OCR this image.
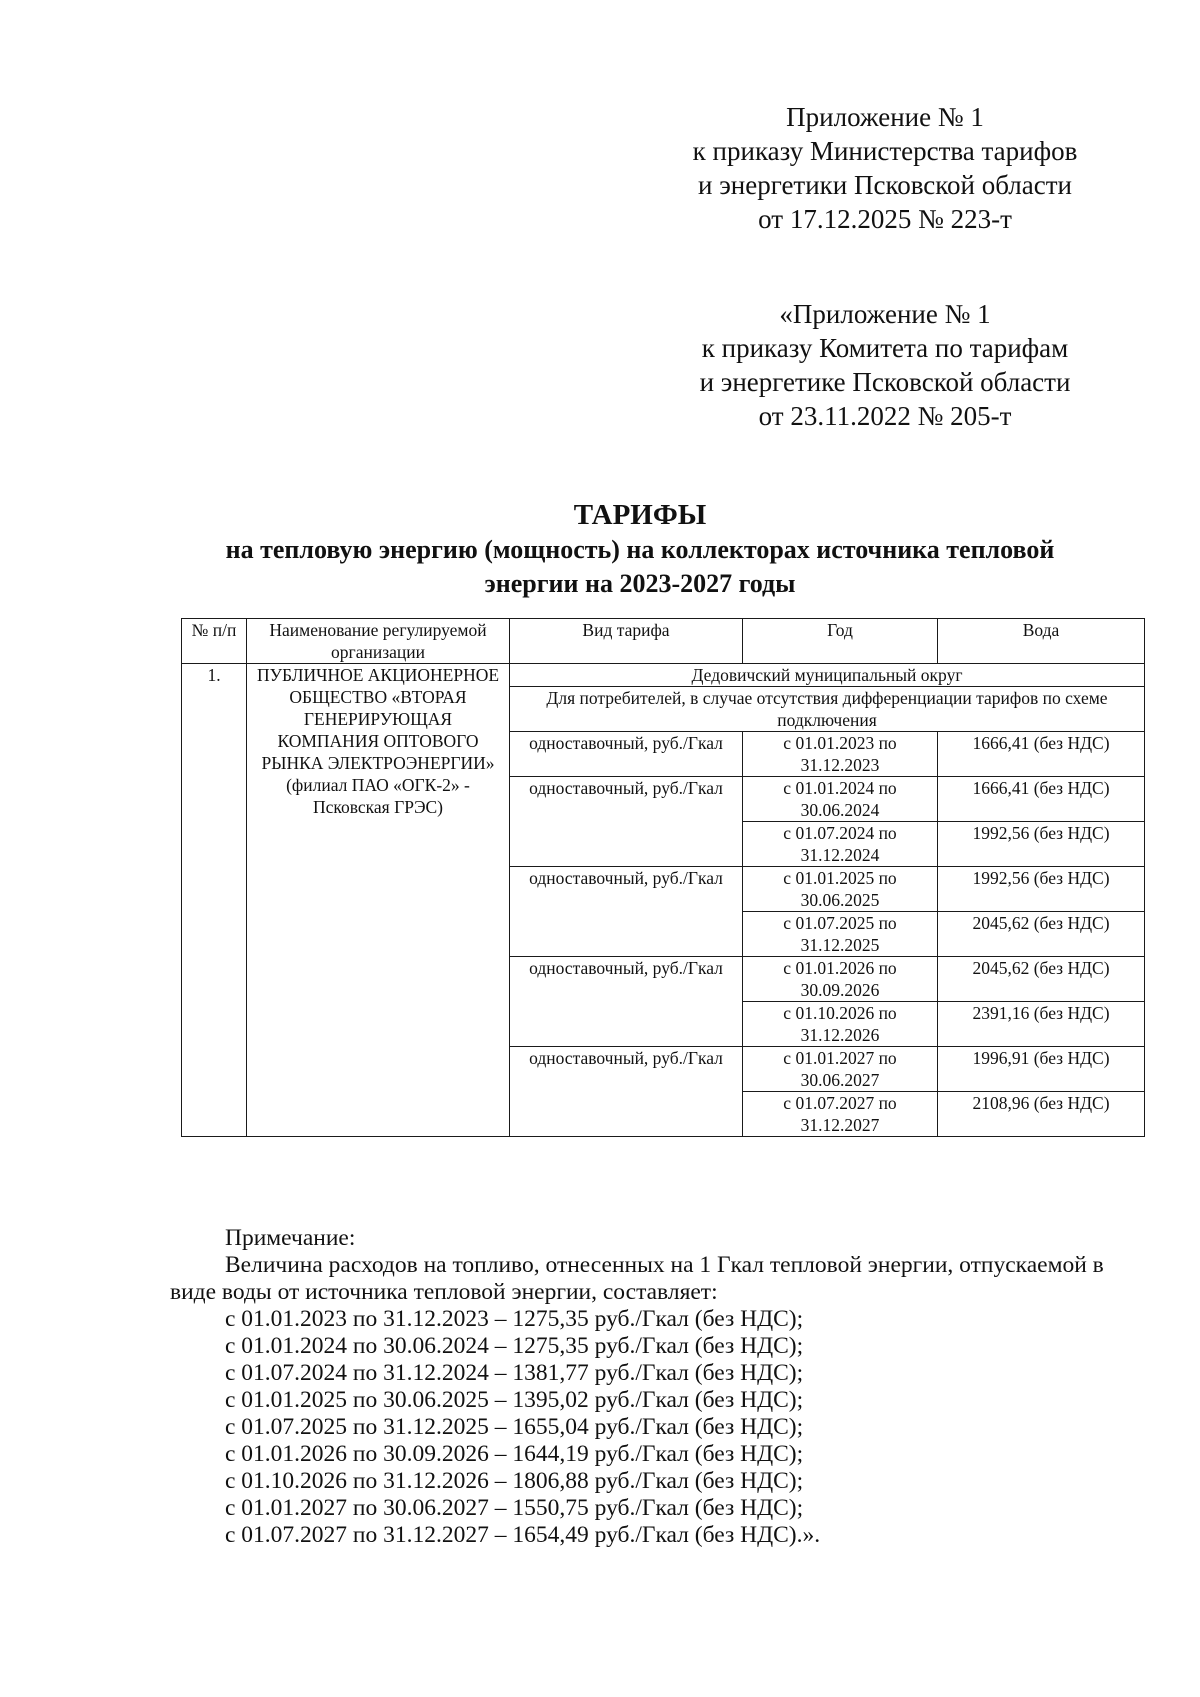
Приложение № 1
к приказу Министерства тарифов
и энергетики Псковской области
от 17.12.2025 № 223-т
«Приложение № 1
к приказу Комитета по тарифам
и энергетике Псковской области
от 23.11.2022 № 205-т
ТАРИФЫ
на тепловую энергию (мощность) на коллекторах источника тепловой
энергии на 2023-2027 годы
№ п/п	Наименование регулируемой организации	Вид тарифа	Год	Вода
1.	ПУБЛИЧНОЕ АКЦИОНЕРНОЕ ОБЩЕСТВО «ВТОРАЯ ГЕНЕРИРУЮЩАЯ КОМПАНИЯ ОПТОВОГО РЫНКА ЭЛЕКТРОЭНЕРГИИ» (филиал ПАО «ОГК-2» - Псковская ГРЭС)	Дедовичский муниципальный округ		
		Для потребителей, в случае отсутствия дифференциации тарифов по схеме подключения		
		одноставочный, руб./Гкал	с 01.01.2023 по 31.12.2023	1666,41 (без НДС)
		одноставочный, руб./Гкал	с 01.01.2024 по 30.06.2024	1666,41 (без НДС)
			с 01.07.2024 по 31.12.2024	1992,56 (без НДС)
		одноставочный, руб./Гкал	с 01.01.2025 по 30.06.2025	1992,56 (без НДС)
			с 01.07.2025 по 31.12.2025	2045,62 (без НДС)
		одноставочный, руб./Гкал	с 01.01.2026 по 30.09.2026	2045,62 (без НДС)
			с 01.10.2026 по 31.12.2026	2391,16 (без НДС)
		одноставочный, руб./Гкал	с 01.01.2027 по 30.06.2027	1996,91 (без НДС)
			с 01.07.2027 по 31.12.2027	2108,96 (без НДС)
Примечание:
Величина расходов на топливо, отнесенных на 1 Гкал тепловой энергии, отпускаемой в виде воды от источника тепловой энергии, составляет:
с 01.01.2023 по 31.12.2023 – 1275,35 руб./Гкал (без НДС);
с 01.01.2024 по 30.06.2024 – 1275,35 руб./Гкал (без НДС);
с 01.07.2024 по 31.12.2024 – 1381,77 руб./Гкал (без НДС);
с 01.01.2025 по 30.06.2025 – 1395,02 руб./Гкал (без НДС);
с 01.07.2025 по 31.12.2025 – 1655,04 руб./Гкал (без НДС);
с 01.01.2026 по 30.09.2026 – 1644,19 руб./Гкал (без НДС);
с 01.10.2026 по 31.12.2026 – 1806,88 руб./Гкал (без НДС);
с 01.01.2027 по 30.06.2027 – 1550,75 руб./Гкал (без НДС);
с 01.07.2027 по 31.12.2027 – 1654,49 руб./Гкал (без НДС).».
